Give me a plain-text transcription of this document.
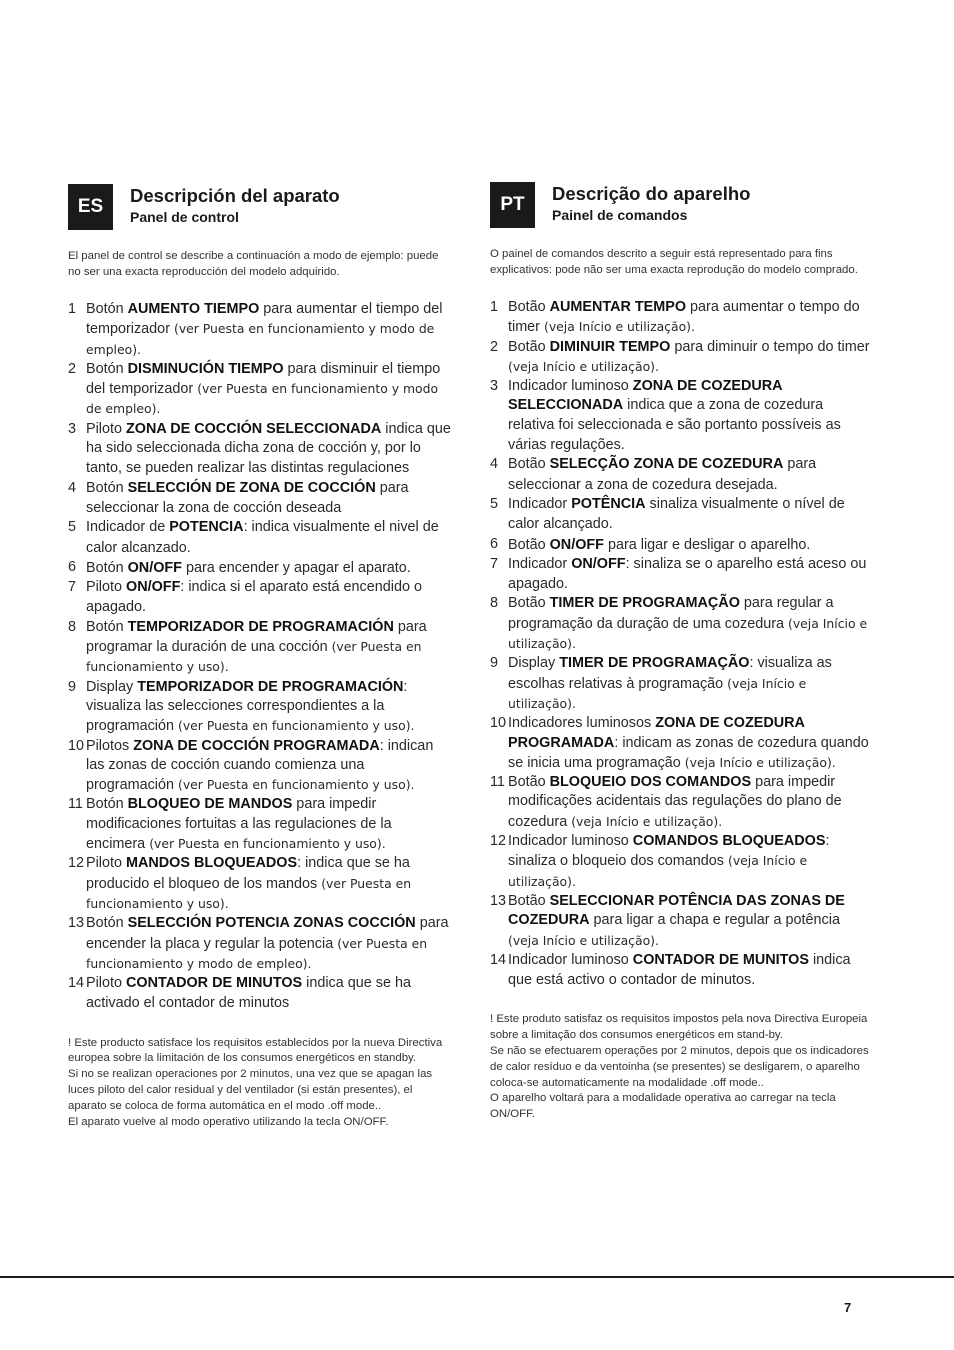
ES
Descripción del aparato
Panel de control
El panel de control se describe a continuación a modo de ejemplo: puede no ser una exacta reproducción del modelo adquirido.
1 Botón AUMENTO TIEMPO para aumentar el tiempo del temporizador (ver Puesta en funcionamiento y modo de empleo).
2 Botón DISMINUCIÓN TIEMPO para disminuir el tiempo del temporizador (ver Puesta en funcionamiento y modo de empleo).
3 Piloto ZONA DE COCCIÓN SELECCIONADA indica que ha sido seleccionada dicha zona de cocción y, por lo tanto, se pueden realizar las distintas regulaciones
4 Botón SELECCIÓN DE ZONA DE COCCIÓN para seleccionar la zona de cocción deseada
5 Indicador de POTENCIA: indica visualmente el nivel de calor alcanzado.
6 Botón ON/OFF para encender y apagar el aparato.
7 Piloto ON/OFF: indica si el aparato está encendido o apagado.
8 Botón TEMPORIZADOR DE PROGRAMACIÓN para programar la duración de una cocción (ver Puesta en funcionamiento y uso).
9 Display TEMPORIZADOR DE PROGRAMACIÓN: visualiza las selecciones correspondientes a la programación (ver Puesta en funcionamiento y uso).
10 Pilotos ZONA DE COCCIÓN PROGRAMADA: indican las zonas de cocción cuando comienza una programación (ver Puesta en funcionamiento y uso).
11 Botón BLOQUEO DE MANDOS para impedir modificaciones fortuitas a las regulaciones de la encimera (ver Puesta en funcionamiento y uso).
12 Piloto MANDOS BLOQUEADOS: indica que se ha producido el bloqueo de los mandos (ver Puesta en funcionamiento y uso).
13 Botón SELECCIÓN POTENCIA ZONAS COCCIÓN para encender la placa y regular la potencia (ver Puesta en funcionamiento y modo de empleo).
14 Piloto CONTADOR DE MINUTOS indica que se ha activado el contador de minutos
! Este producto satisface los requisitos establecidos por la nueva Directiva europea sobre la limitación de los consumos energéticos en standby.
Si no se realizan operaciones por 2 minutos, una vez que se apagan las luces piloto del calor residual y del ventilador (si están presentes), el aparato se coloca de forma automática en el modo .off mode..
El aparato vuelve al modo operativo utilizando la tecla ON/OFF.
PT
Descrição do aparelho
Painel de comandos
O painel de comandos descrito a seguir está representado para fins explicativos: pode não ser uma exacta reprodução do modelo comprado.
1 Botão AUMENTAR TEMPO para aumentar o tempo do timer (veja Início e utilização).
2 Botão DIMINUIR TEMPO para diminuir o tempo do timer (veja Início e utilização).
3 Indicador luminoso ZONA DE COZEDURA SELECCIONADA indica que a zona de cozedura relativa foi seleccionada e são portanto possíveis as várias regulações.
4 Botão SELECÇÃO ZONA DE COZEDURA para seleccionar a zona de cozedura desejada.
5 Indicador POTÊNCIA sinaliza visualmente o nível de calor alcançado.
6 Botão ON/OFF para ligar e desligar o aparelho.
7 Indicador ON/OFF: sinaliza se o aparelho está aceso ou apagado.
8 Botão TIMER DE PROGRAMAÇÃO para regular a programação da duração de uma cozedura (veja Início e utilização).
9 Display TIMER DE PROGRAMAÇÃO: visualiza as escolhas relativas à programação (veja Início e utilização).
10 Indicadores luminosos ZONA DE COZEDURA PROGRAMADA: indicam as zonas de cozedura quando se inicia uma programação (veja Início e utilização).
11 Botão BLOQUEIO DOS COMANDOS para impedir modificações acidentais das regulações do plano de cozedura (veja Início e utilização).
12 Indicador luminoso COMANDOS BLOQUEADOS: sinaliza o bloqueio dos comandos (veja Início e utilização).
13 Botão SELECCIONAR POTÊNCIA DAS ZONAS DE COZEDURA para ligar a chapa e regular a potência (veja Início e utilização).
14 Indicador luminoso CONTADOR DE MUNITOS indica que está activo o contador de minutos.
! Este produto satisfaz os requisitos impostos pela nova Directiva Europeia sobre a limitação dos consumos energéticos em stand-by.
Se não se efectuarem operações por 2 minutos, depois que os indicadores de calor resíduo e da ventoinha (se presentes) se desligarem, o aparelho coloca-se automaticamente na modalidade .off mode..
O aparelho voltará para a modalidade operativa ao carregar na tecla ON/OFF.
7
